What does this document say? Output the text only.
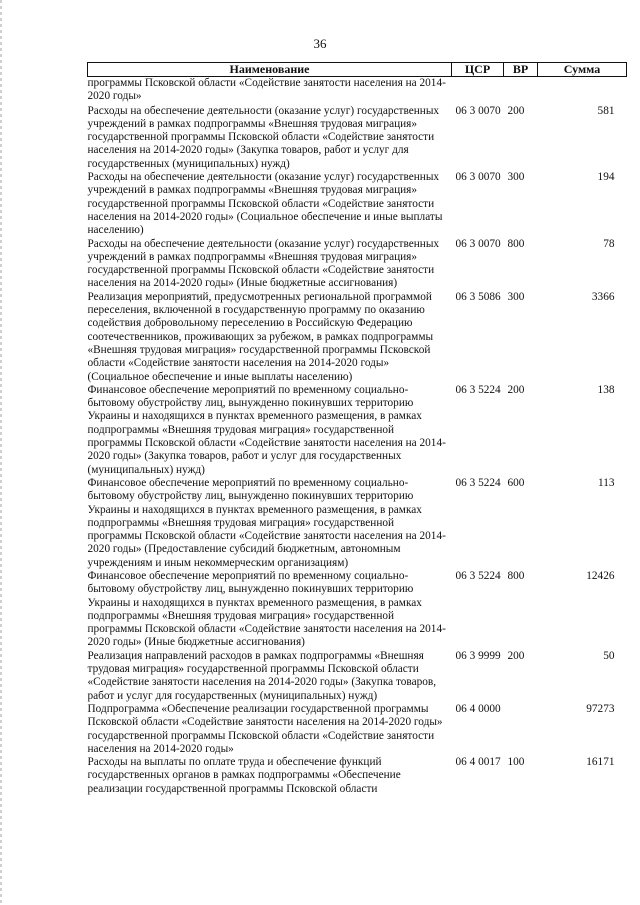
36
Наименование	ЦСР	ВР	Сумма
программы Псковской области «Содействие занятости населения на 2014-2020 годы»			
Расходы на обеспечение деятельности (оказание услуг) государственных учреждений в рамках подпрограммы «Внешняя трудовая миграция» государственной программы Псковской области «Содействие занятости населения на 2014-2020 годы» (Закупка товаров, работ и услуг для государственных (муниципальных) нужд)	06 3 0070	200	581
Расходы на обеспечение деятельности (оказание услуг) государственных учреждений в рамках подпрограммы «Внешняя трудовая миграция» государственной программы Псковской области «Содействие занятости населения на 2014-2020 годы» (Социальное обеспечение и иные выплаты населению)	06 3 0070	300	194
Расходы на обеспечение деятельности (оказание услуг) государственных учреждений в рамках подпрограммы «Внешняя трудовая миграция» государственной программы Псковской области «Содействие занятости населения на 2014-2020 годы» (Иные бюджетные ассигнования)	06 3 0070	800	78
Реализация мероприятий, предусмотренных региональной программой переселения, включенной в государственную программу по оказанию содействия добровольному переселению в Российскую Федерацию соотечественников, проживающих за рубежом, в рамках подпрограммы «Внешняя трудовая миграция» государственной программы Псковской области «Содействие занятости населения на 2014-2020 годы» (Социальное обеспечение и иные выплаты населению)	06 3 5086	300	3366
Финансовое обеспечение мероприятий по временному социально-бытовому обустройству лиц, вынужденно покинувших территорию Украины и находящихся в пунктах временного размещения, в рамках подпрограммы «Внешняя трудовая миграция» государственной программы Псковской области «Содействие занятости населения на 2014-2020 годы» (Закупка товаров, работ и услуг для государственных (муниципальных) нужд)	06 3 5224	200	138
Финансовое обеспечение мероприятий по временному социально-бытовому обустройству лиц, вынужденно покинувших территорию Украины и находящихся в пунктах временного размещения, в рамках подпрограммы «Внешняя трудовая миграция» государственной программы Псковской области «Содействие занятости населения на 2014-2020 годы» (Предоставление субсидий бюджетным, автономным учреждениям и иным некоммерческим организациям)	06 3 5224	600	113
Финансовое обеспечение мероприятий по временному социально-бытовому обустройству лиц, вынужденно покинувших территорию Украины и находящихся в пунктах временного размещения, в рамках подпрограммы «Внешняя трудовая миграция» государственной программы Псковской области «Содействие занятости населения на 2014-2020 годы» (Иные бюджетные ассигнования)	06 3 5224	800	12426
Реализация направлений расходов в рамках подпрограммы «Внешняя трудовая миграция» государственной программы Псковской области «Содействие занятости населения на 2014-2020 годы» (Закупка товаров, работ и услуг для государственных (муниципальных) нужд)	06 3 9999	200	50
Подпрограмма «Обеспечение реализации государственной программы Псковской области «Содействие занятости населения на 2014-2020 годы» государственной программы Псковской области «Содействие занятости населения на 2014-2020 годы»	06 4 0000		97273
Расходы на выплаты по оплате труда и обеспечение функций государственных органов в рамках подпрограммы «Обеспечение реализации государственной программы Псковской области	06 4 0017	100	16171
